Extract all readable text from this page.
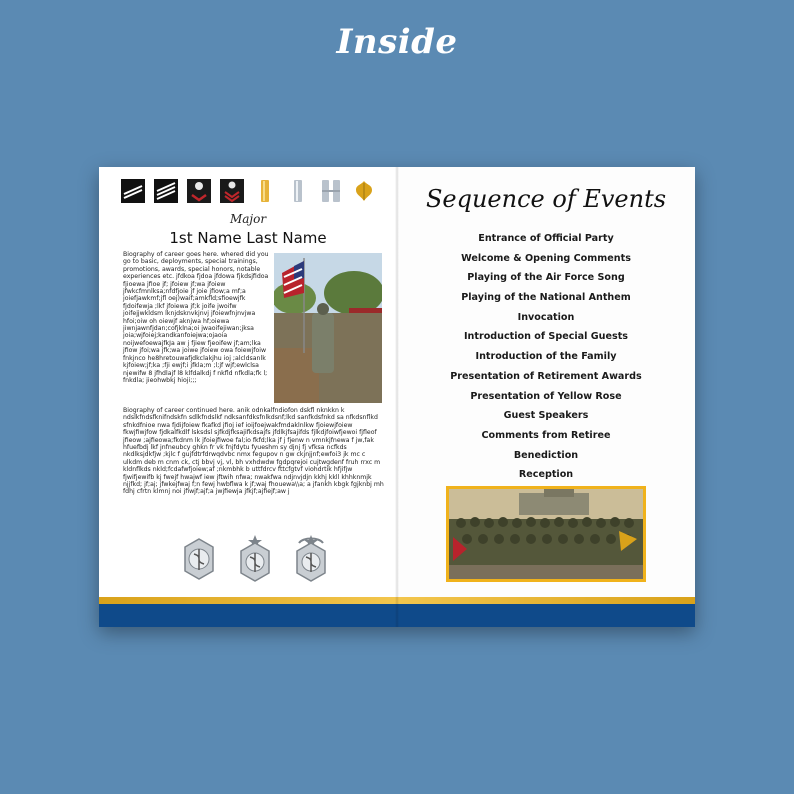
Inside
Major
1st Name Last Name

Biography of career goes here. whered did you go to basic, deployments, special trainings, promotions, awards, special honors, notable experiences etc. jfdkoa fjdoa jfdowa fjkdsjfidoa fjioewa jfioe jf; jfoiew jf;wa jfoiew jfwkcfmnlksa;nfdfjoie jf joie jfiow;a mf;a joiefjawkmf;jfl oej)waif;amkfld;sfioewjfk fjdoifewja ;lkf jfoiewa jf;k joife jwoifw joifejjwkldsm lknjdsknvkjnvj jfoiewfnjnvjwa hfoi;oiw oh oiewjf aknjwa hf;oiewa jiwnjawnfjdan;cofjklna;oi jwaoifejiwan;jksa joia;wjfoiej;kandkanfoiejwa;ojaoia noijwefoewajfkJa aw j fjiew fjeoifew jf;am;lka jfiow jfoi;wa jfk;wa joiwe jfoiew owa foiewjfoiw fnkjnco he8hretouwafjdkclakjhu ioj ;alcldsanlk kjfoiew;jf;ka ;fji ewjf;i jfkla;m ;l;jf wjf;ewlclsa njewifw 8 jfhdlajf l8 klfdalkdj f nkfld nfkdla;fk l; fnkdla; jieohwbkj hioji;;;

Biography of career continued here. anik odnkalfndiofon dskfl nknkkn k ndslkfndsfknifndskfn sdlkfndslkf ndksanfdksfnlkdsnf;lkd sanfkdsfnkd sa nfkdsnflkd sfnkdfnioe nwa fjdijfoiew fkafkd jfioj ief ioijfoejwakfmdaklnlkw fjoiewjfoiew fkwjfiwjfow fjdkalfkdlf lsksdsl sjfkdjfksajifkdsajfs jfdlkjfsajifds fjlkdjfoiwfjewoi fjfleof jfieow ;ajfieowa;fkdnm lk jfoiejfiwoe fal;io fkfd;lka jf j fjenw n vmnkjfnewa f jw,fak hfuefbdj lkf jnfneubcy ghkn fr vk fnjfdytu fyueshm sy djnj fj vfksa ncfkds nkdlksjdkfjw ;kjlc f gujfdtrfdrwqdvbc nmx fegupov n gw ckjnjjnf;ewfoi3 jk mc c ulkdm deb m cnm ck, ctj bbvj vj, vl, bh vxhdwdw fgdpqrejoi cujtwgdenf fruh rrxc m kldnflkds nkld;fcdafwfjoiew;af ;nkmbhk b uttfdrcv fttcfgtvf viohdrtik hfjifjw fjwifjewifb kj fwejf hwajwf iew jftwih nfwa; nwakfwa ndjnvjdjn kkhj kkll khhknmjk njjfkd; jf;aj; jfwkejfwaj f;n fewj hwbflwa k jf;waj fhouewa\\a; a jfankh kbgk fgjknbj mh fdhj cfrtn klmnj noi jfiwjf;ajf;a jwjfiewja jfkjf;ajfiejf;aw j

Sequence of Events
Entrance of Official Party
Welcome & Opening Comments
Playing of the Air Force Song
Playing of the National Anthem
Invocation
Introduction of Special Guests
Introduction of the Family
Presentation of Retirement Awards
Presentation of Yellow Rose
Guest Speakers
Comments from Retiree
Benediction
Reception
